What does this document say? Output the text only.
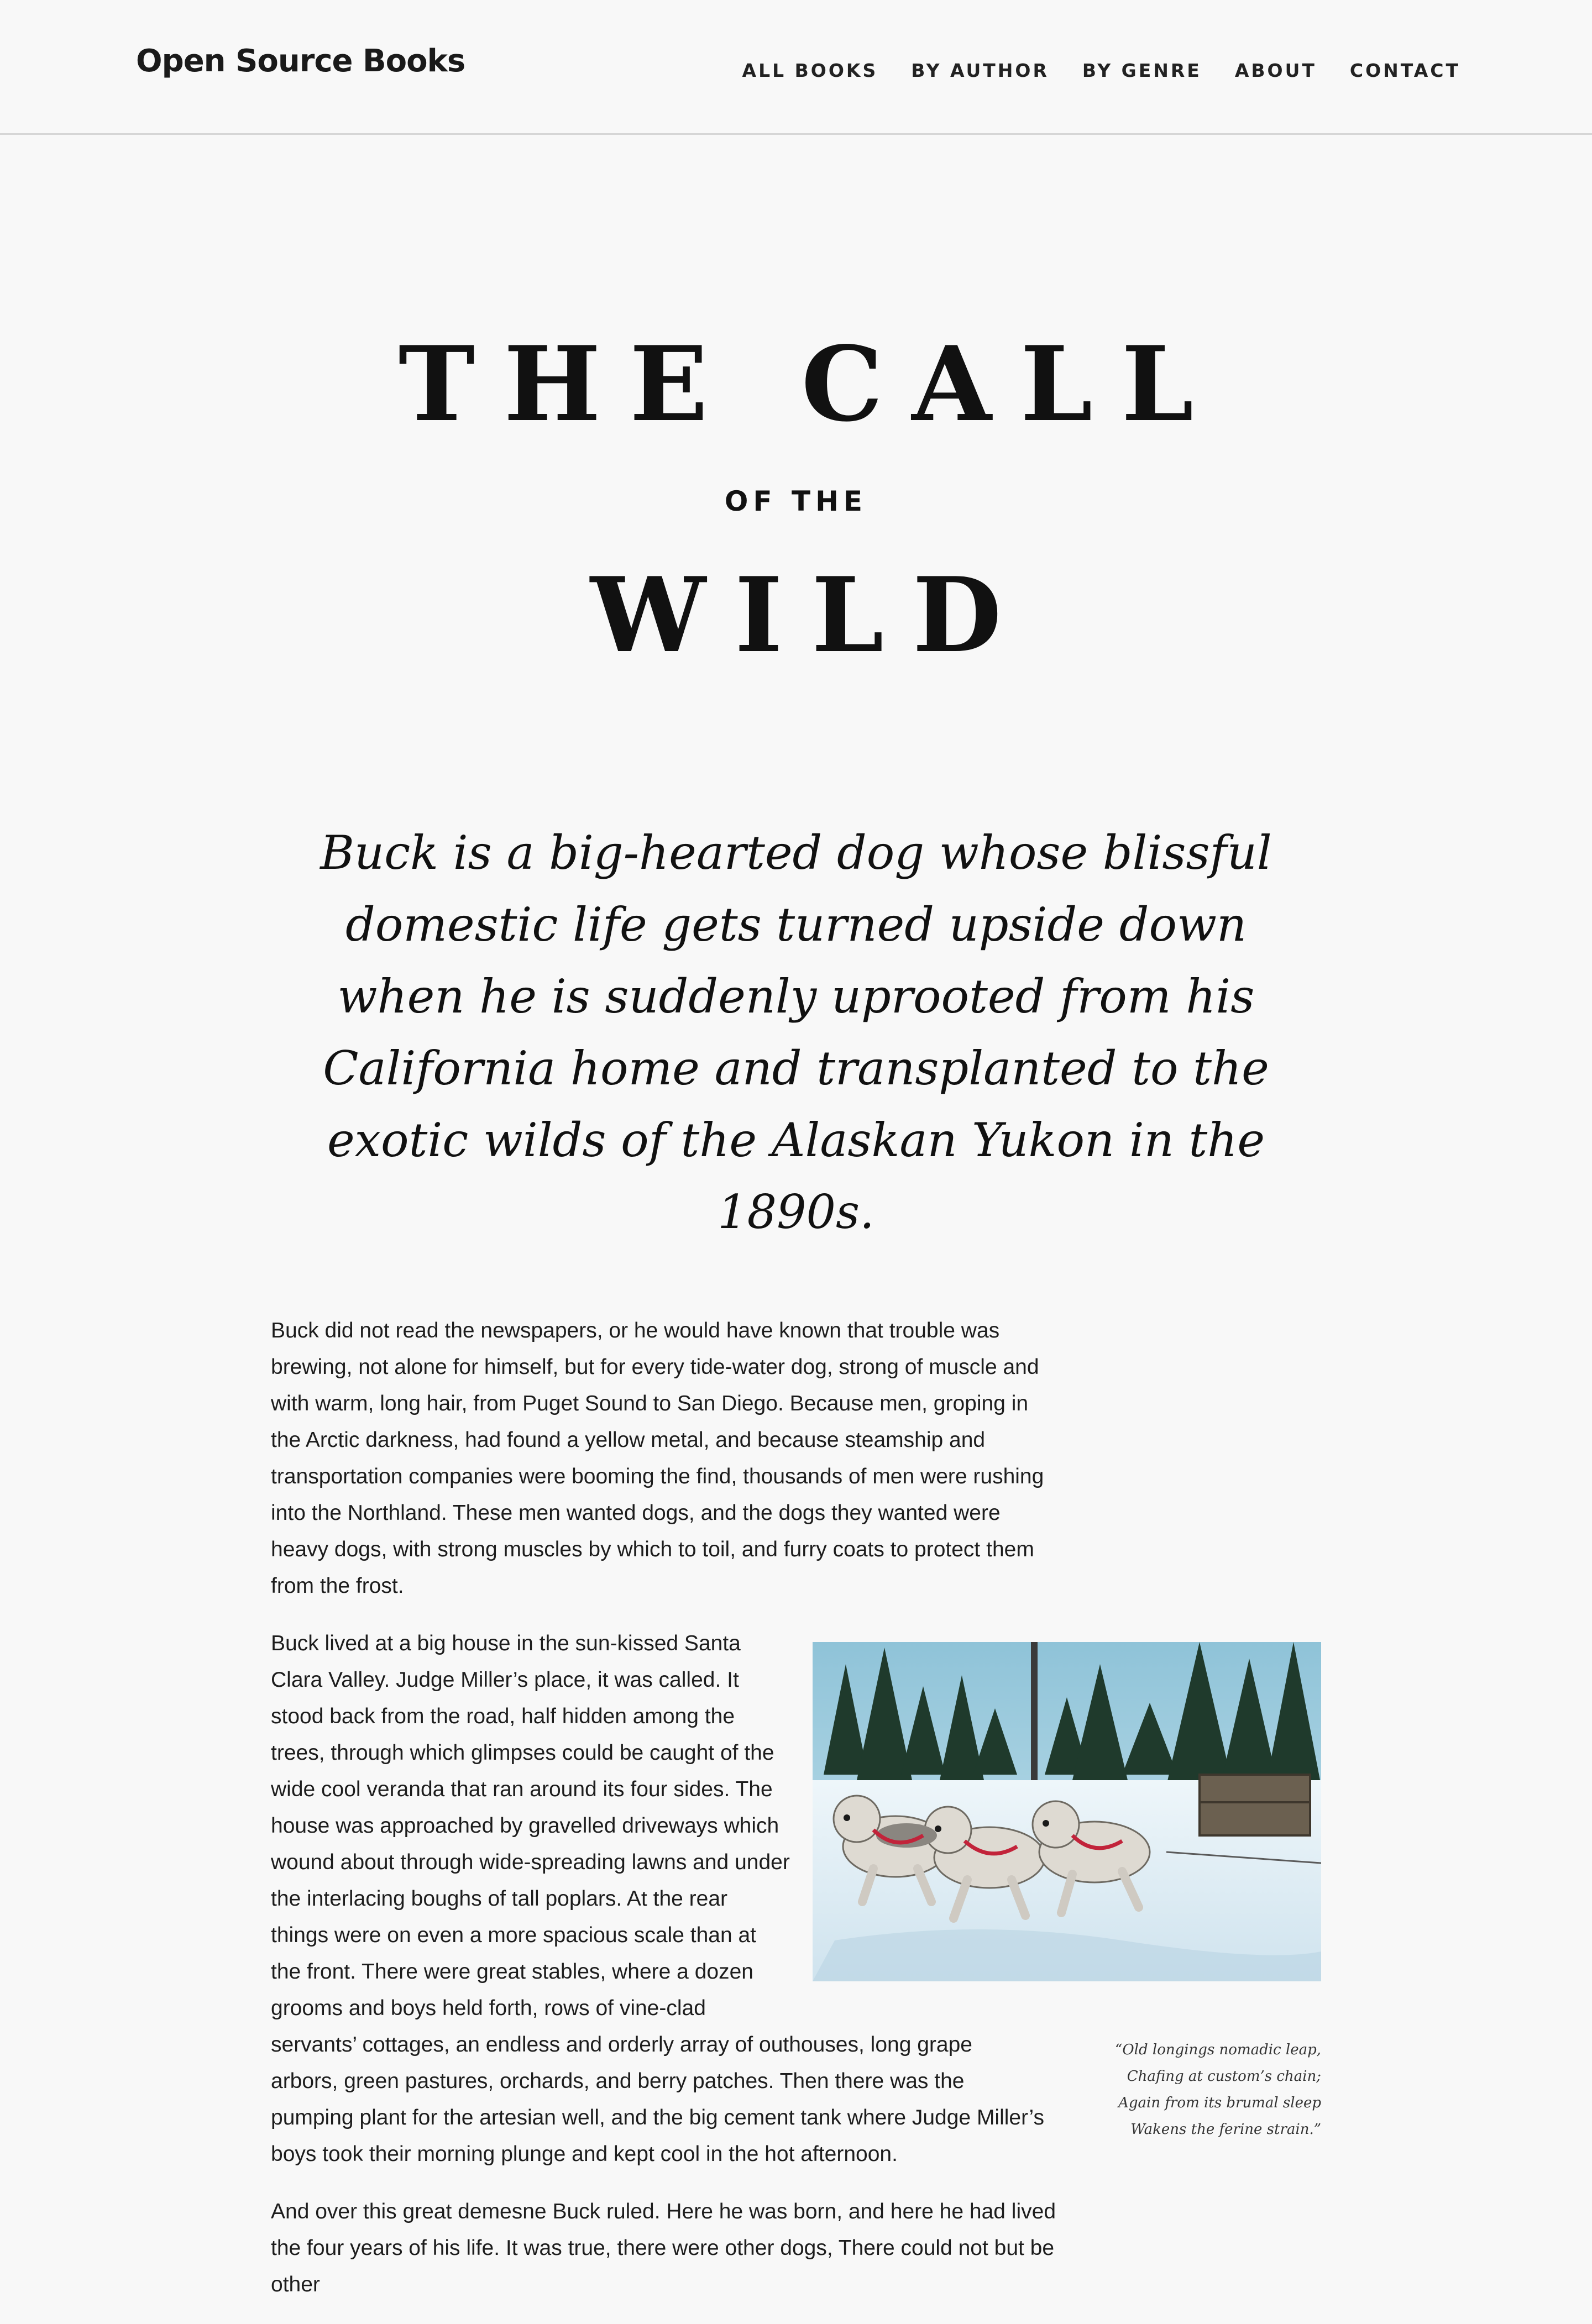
Open Source Books	ALL BOOKS BY AUTHOR BY GENRE ABOUT CONTACT
THE CALL
OF THE
WILD
Buck is a big-hearted dog whose blissful domestic life gets turned upside down when he is suddenly uprooted from his California home and transplanted to the exotic wilds of the Alaskan Yukon in the 1890s.

Buck did not read the newspapers, or he would have known that trouble was brewing, not alone for himself, but for every tide-water dog, strong of muscle and with warm, long hair, from Puget Sound to San Diego. Because men, groping in the Arctic darkness, had found a yellow metal, and because steamship and transportation companies were booming the find, thousands of men were rushing into the Northland. These men wanted dogs, and the dogs they wanted were heavy dogs, with strong muscles by which to toil, and furry coats to protect them from the frost.

“Old longings nomadic leap,
Chafing at custom’s chain;
Again from its brumal sleep
Wakens the ferine strain.”

Buck lived at a big house in the sun-kissed Santa Clara Valley. Judge Miller’s place, it was called. It stood back from the road, half hidden among the trees, through which glimpses could be caught of the wide cool veranda that ran around its four sides. The house was approached by gravelled driveways which wound about through wide-spreading lawns and under the interlacing boughs of tall poplars. At the rear things were on even a more spacious scale than at the front. There were great stables, where a dozen grooms and boys held forth, rows of vine-clad servants’ cottages, an endless and orderly array of outhouses, long grape arbors, green pastures, orchards, and berry patches. Then there was the pumping plant for the artesian well, and the big cement tank where Judge Miller’s boys took their morning plunge and kept cool in the hot afternoon.

And over this great demesne Buck ruled. Here he was born, and here he had lived the four years of his life. It was true, there were other dogs, There could not but be other
